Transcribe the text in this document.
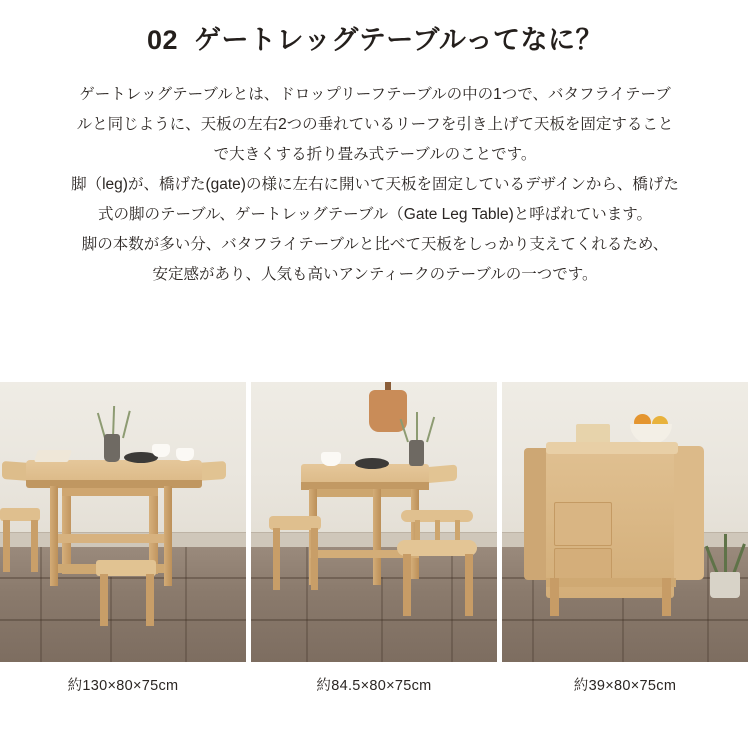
02 ゲートレッグテーブルってなに？

ゲートレッグテーブルとは、ドロップリーフテーブルの中の1つで、バタフライテーブ

ルと同じように、天板の左右2つの垂れているリーフを引き上げて天板を固定すること

で大きくする折り畳み式テーブルのことです。

脚（leg)が、橋げた(gate)の様に左右に開いて天板を固定しているデザインから、橋げた

式の脚のテーブル、ゲートレッグテーブル（Gate Leg Table)と呼ばれています。

脚の本数が多い分、バタフライテーブルと比べて天板をしっかり支えてくれるため、

安定感があり、人気も高いアンティークのテーブルの一つです。

約130×80×75cm	約84.5×80×75cm	約39×80×75cm
